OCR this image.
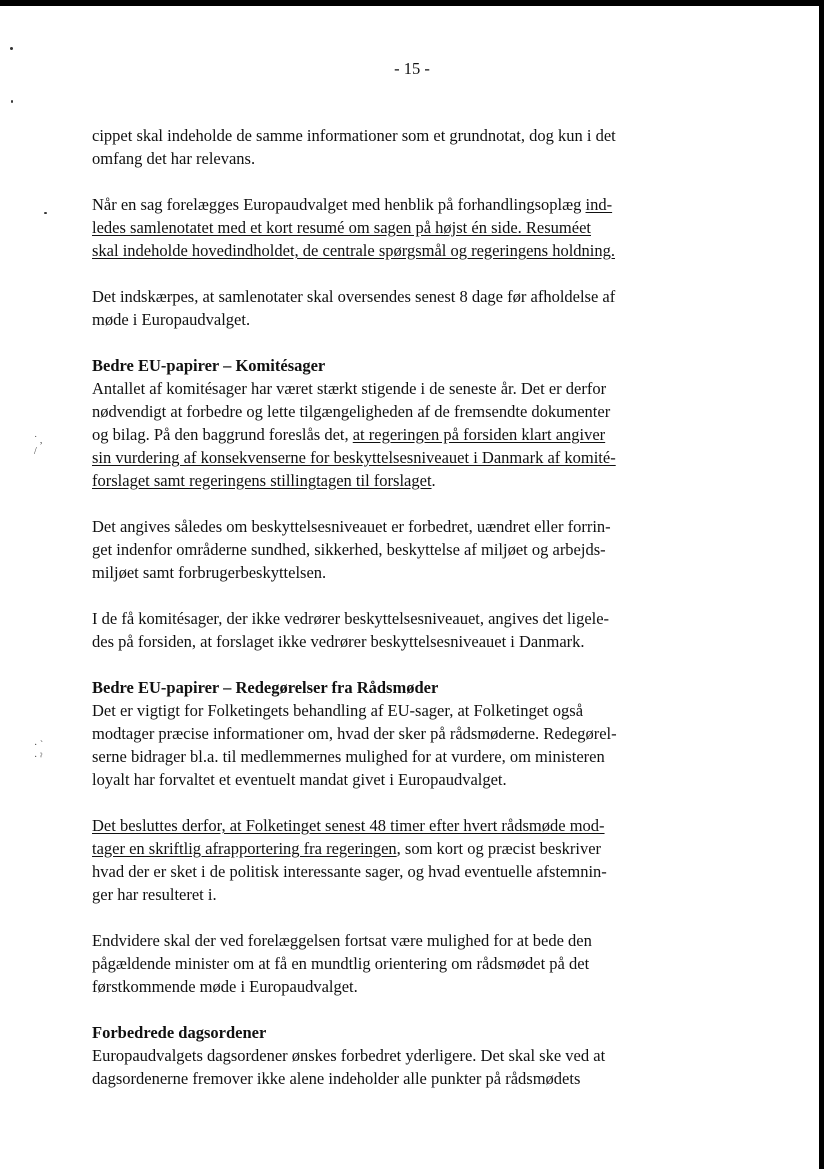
˙ ,
/
· `
· ˀ
- 15 -
cippet skal indeholde de samme informationer som et grundnotat, dog kun i det
omfang det har relevans.
Når en sag forelægges Europaudvalget med henblik på forhandlingsoplæg ind-
ledes samlenotatet med et kort resumé om sagen på højst én side. Resuméet
skal indeholde hovedindholdet, de centrale spørgsmål og regeringens holdning.
Det indskærpes, at samlenotater skal oversendes senest 8 dage før afholdelse af
møde i Europaudvalget.
Bedre EU-papirer – Komitésager
Antallet af komitésager har været stærkt stigende i de seneste år. Det er derfor
nødvendigt at forbedre og lette tilgængeligheden af de fremsendte dokumenter
og bilag. På den baggrund foreslås det, at regeringen på forsiden klart angiver
sin vurdering af konsekvenserne for beskyttelsesniveauet i Danmark af komité-
forslaget samt regeringens stillingtagen til forslaget.
Det angives således om beskyttelsesniveauet er forbedret, uændret eller forrin-
get indenfor områderne sundhed, sikkerhed, beskyttelse af miljøet og arbejds-
miljøet samt forbrugerbeskyttelsen.
I de få komitésager, der ikke vedrører beskyttelsesniveauet, angives det ligele-
des på forsiden, at forslaget ikke vedrører beskyttelsesniveauet i Danmark.
Bedre EU-papirer – Redegørelser fra Rådsmøder
Det er vigtigt for Folketingets behandling af EU-sager, at Folketinget også
modtager præcise informationer om, hvad der sker på rådsmøderne. Redegørel-
serne bidrager bl.a. til medlemmernes mulighed for at vurdere, om ministeren
loyalt har forvaltet et eventuelt mandat givet i Europaudvalget.
Det besluttes derfor, at Folketinget senest 48 timer efter hvert rådsmøde mod-
tager en skriftlig afrapportering fra regeringen, som kort og præcist beskriver
hvad der er sket i de politisk interessante sager, og hvad eventuelle afstemnin-
ger har resulteret i.
Endvidere skal der ved forelæggelsen fortsat være mulighed for at bede den
pågældende minister om at få en mundtlig orientering om rådsmødet på det
førstkommende møde i Europaudvalget.
Forbedrede dagsordener
Europaudvalgets dagsordener ønskes forbedret yderligere. Det skal ske ved at
dagsordenerne fremover ikke alene indeholder alle punkter på rådsmødets
